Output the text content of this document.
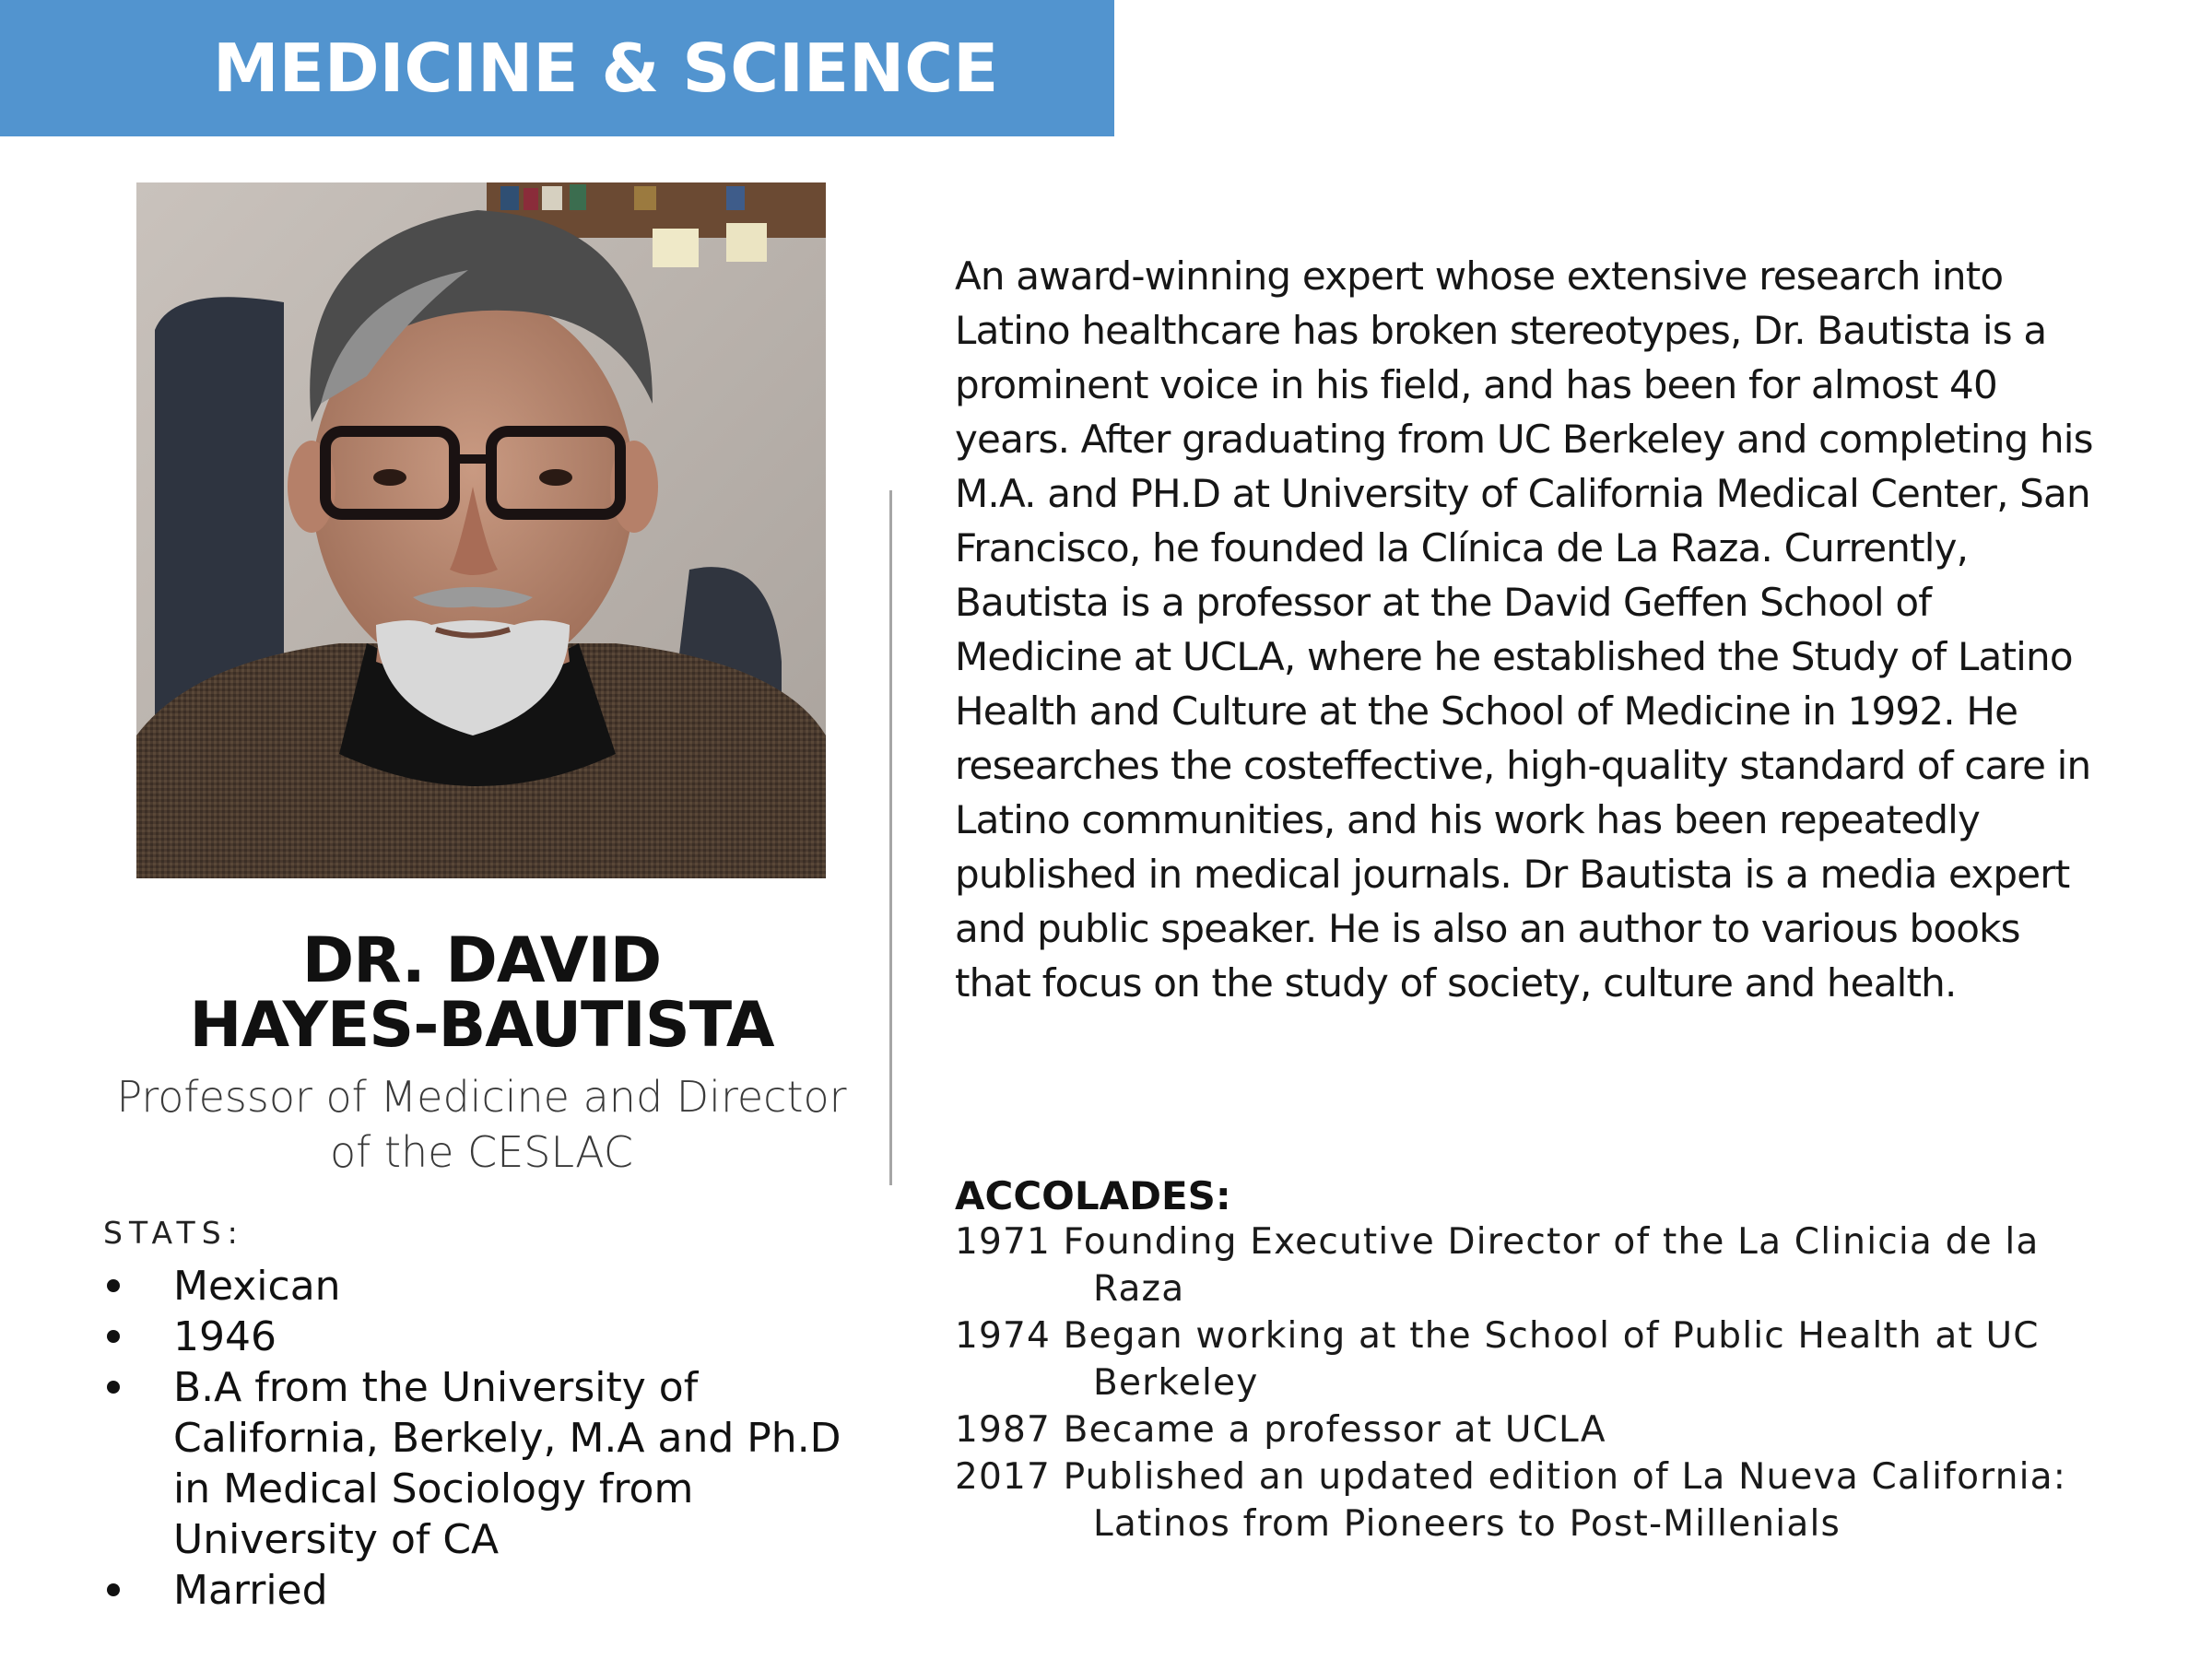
MEDICINE & SCIENCE
DR. DAVID
HAYES-BAUTISTA

Professor of Medicine and Director of the CESLAC

STATS:

Mexican
1946
B.A from the University of California, Berkely, M.A and Ph.D in Medical Sociology from University of CA
Married

An award-winning expert whose extensive research into Latino healthcare has broken stereotypes, Dr. Bautista is a prominent voice in his field, and has been for almost 40 years. After graduating from UC Berkeley and completing his M.A. and PH.D at University of California Medical Center, San Francisco, he founded la Clínica de La Raza. Currently, Bautista is a professor at the David Geffen School of Medicine at UCLA, where he established the Study of Latino Health and Culture at the School of Medicine in 1992. He researches the costeffective, high-quality standard of care in Latino communities, and his work has been repeatedly published in medical journals. Dr Bautista is a media expert and public speaker. He is also an author to various books that focus on the study of society, culture and health.

ACCOLADES:

1971 Founding Executive Director of the La Clinicia de la Raza
1974 Began working at the School of Public Health at UC Berkeley
1987 Became a professor at UCLA
2017 Published an updated edition of La Nueva California: Latinos from Pioneers to Post-Millenials
